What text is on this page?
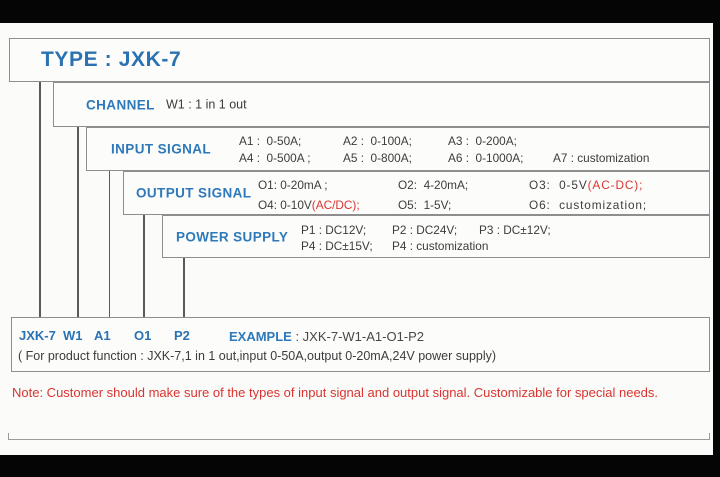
TYPE : JXK-7
CHANNEL W1 : 1 in 1 out
INPUT SIGNAL
A1 :  0-50A;	A2 :  0-100A;	A3 :  0-200A;
A4 :  0-500A ;	A5 :  0-800A;	A6 :  0-1000A;	A7 : customization
OUTPUT SIGNAL
O1: 0-20mA ;	O2:  4-20mA;	O3:  0-5V(AC-DC);
O4: 0-10V(AC/DC);	O5:  1-5V;	O6:  customization;
POWER SUPPLY P1 : DC12V; P2 : DC24V; P3 : DC±12V;
P4 : DC±15V; P4 : customization
JXK-7 W1 A1 O1 P2	EXAMPLE : JXK-7-W1-A1-O1-P2
( For product function : JXK-7,1 in 1 out,input 0-50A,output 0-20mA,24V power supply)
Note: Customer should make sure of the types of input signal and output signal. Customizable for special needs.
